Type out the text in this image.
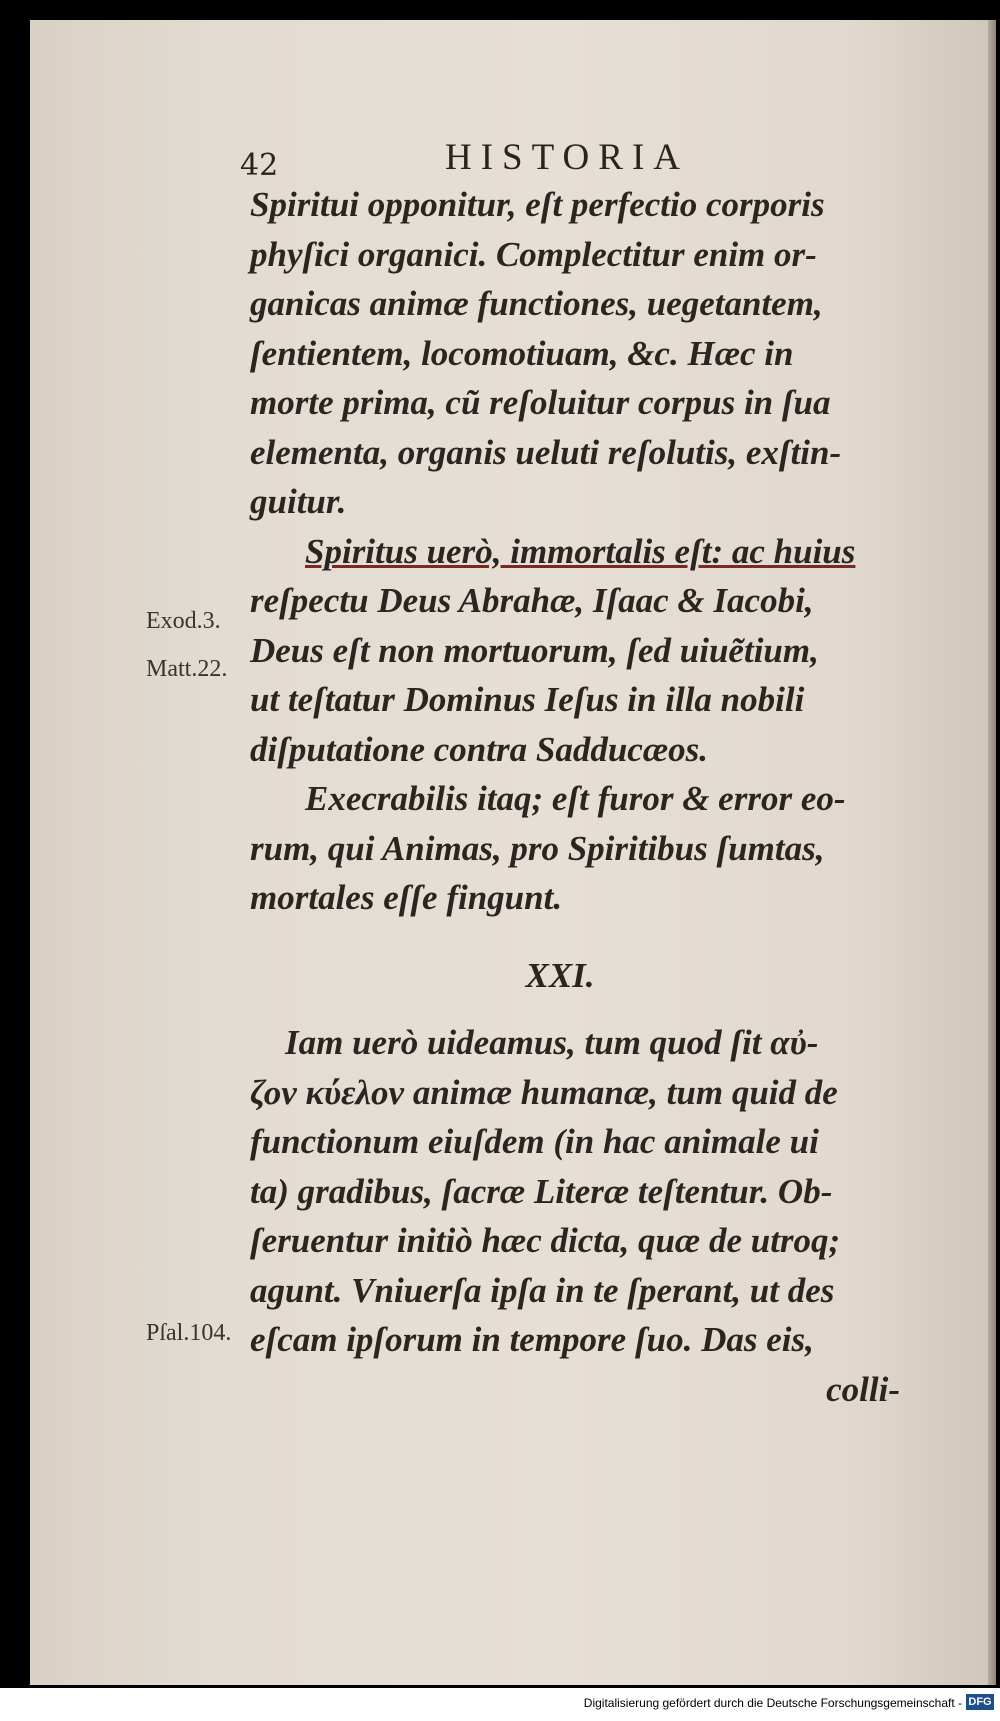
42	HISTORIA

Spiritui opponitur, eſt perfectio corporis
phyſici organici. Complectitur enim or-
ganicas animæ functiones, uegetantem,
ſentientem, locomotiuam, &c. Hæc in
morte prima, cũ reſoluitur corpus in ſua
elementa, organis ueluti reſolutis, exſtin-
guitur.
Spiritus uerò, immortalis eſt: ac huius
reſpectu Deus Abrahæ, Iſaac & Iacobi,
Deus eſt non mortuorum, ſed uiuẽtium,
ut teſtatur Dominus Ieſus in illa nobili
diſputatione contra Sadducæos.
Execrabilis itaq; eſt furor & error eo-
rum, qui Animas, pro Spiritibus ſumtas,
mortales eſſe fingunt.
XXI.
Iam uerò uideamus, tum quod ſit αὐ-
ζον κύελον animæ humanæ, tum quid de
functionum eiuſdem (in hac animale ui
ta) gradibus, ſacræ Literæ teſtentur. Ob-
ſeruentur initiò hæc dicta, quæ de utroq;
agunt. Vniuerſa ipſa in te ſperant, ut des
eſcam ipſorum in tempore ſuo. Das eis,
colli-

Exod.3.

Matt.22.

Pſal.104.

Digitalisierung gefördert durch die Deutsche Forschungsgemeinschaft - DFG
